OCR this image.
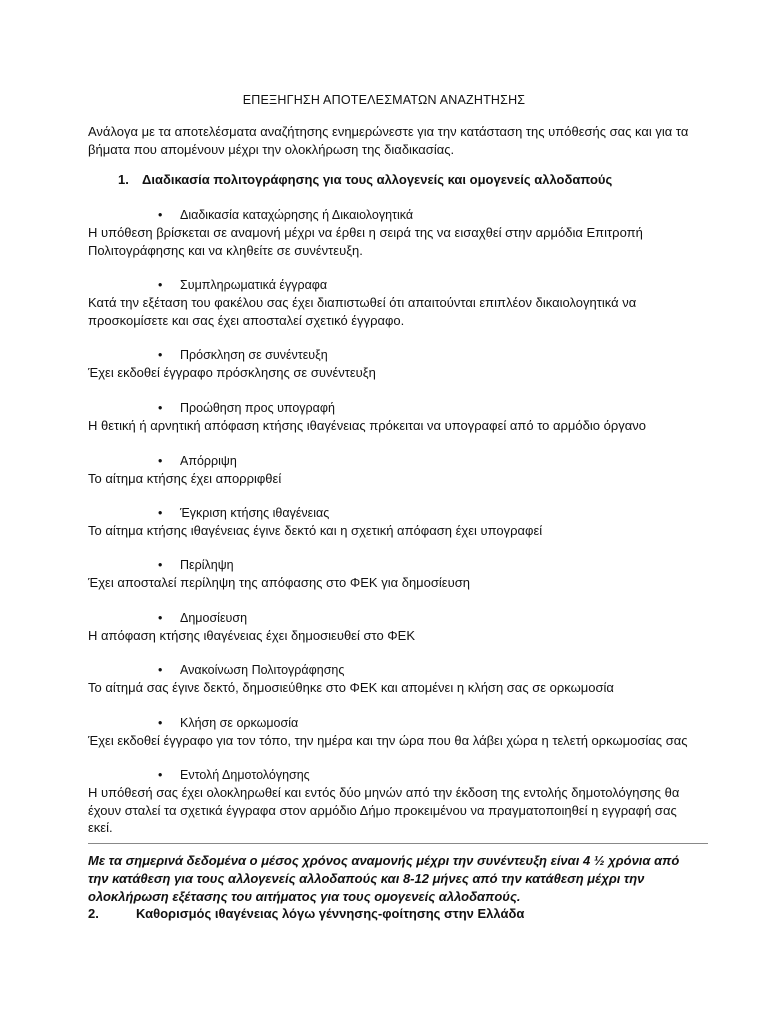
ΕΠΕΞΗΓΗΣΗ ΑΠΟΤΕΛΕΣΜΑΤΩΝ ΑΝΑΖΗΤΗΣΗΣ
Ανάλογα με τα αποτελέσματα αναζήτησης ενημερώνεστε για την κατάσταση της υπόθεσής σας και για τα βήματα που απομένουν μέχρι την ολοκλήρωση της διαδικασίας.
1. Διαδικασία πολιτογράφησης για τους αλλογενείς και ομογενείς αλλοδαπούς
•	Διαδικασία καταχώρησης ή Δικαιολογητικά
Η υπόθεση βρίσκεται σε αναμονή μέχρι να έρθει η σειρά της να εισαχθεί στην αρμόδια Επιτροπή Πολιτογράφησης και να κληθείτε σε συνέντευξη.
•	Συμπληρωματικά έγγραφα
Κατά την εξέταση του φακέλου σας έχει διαπιστωθεί ότι απαιτούνται επιπλέον δικαιολογητικά να προσκομίσετε και σας έχει αποσταλεί σχετικό έγγραφο.
•	Πρόσκληση σε συνέντευξη
Έχει εκδοθεί έγγραφο πρόσκλησης σε συνέντευξη
•	Προώθηση προς υπογραφή
Η θετική ή αρνητική απόφαση κτήσης ιθαγένειας πρόκειται να υπογραφεί από το αρμόδιο όργανο
•	Απόρριψη
Το αίτημα κτήσης έχει απορριφθεί
•	Έγκριση κτήσης ιθαγένειας
Το αίτημα κτήσης ιθαγένειας έγινε δεκτό και η σχετική απόφαση έχει υπογραφεί
•	Περίληψη
Έχει αποσταλεί περίληψη της απόφασης στο ΦΕΚ για δημοσίευση
•	Δημοσίευση
Η απόφαση κτήσης ιθαγένειας έχει δημοσιευθεί στο ΦΕΚ
•	Ανακοίνωση Πολιτογράφησης
Το αίτημά σας έγινε δεκτό, δημοσιεύθηκε στο ΦΕΚ και απομένει η κλήση σας σε ορκωμοσία
•	Κλήση σε ορκωμοσία
Έχει εκδοθεί έγγραφο για τον τόπο, την ημέρα και την ώρα που θα λάβει χώρα η τελετή ορκωμοσίας σας
•	Εντολή Δημοτολόγησης
Η υπόθεσή σας έχει ολοκληρωθεί και εντός δύο μηνών από την έκδοση της εντολής δημοτολόγησης θα έχουν σταλεί τα σχετικά έγγραφα στον αρμόδιο Δήμο προκειμένου να πραγματοποιηθεί η εγγραφή σας εκεί.
Με τα σημερινά δεδομένα ο μέσος χρόνος αναμονής μέχρι την συνέντευξη είναι 4 ½ χρόνια από την κατάθεση για τους αλλογενείς αλλοδαπούς και 8-12 μήνες από την κατάθεση μέχρι την ολοκλήρωση εξέτασης του αιτήματος για τους ομογενείς αλλοδαπούς.
2.	Καθορισμός ιθαγένειας λόγω γέννησης-φοίτησης στην Ελλάδα
